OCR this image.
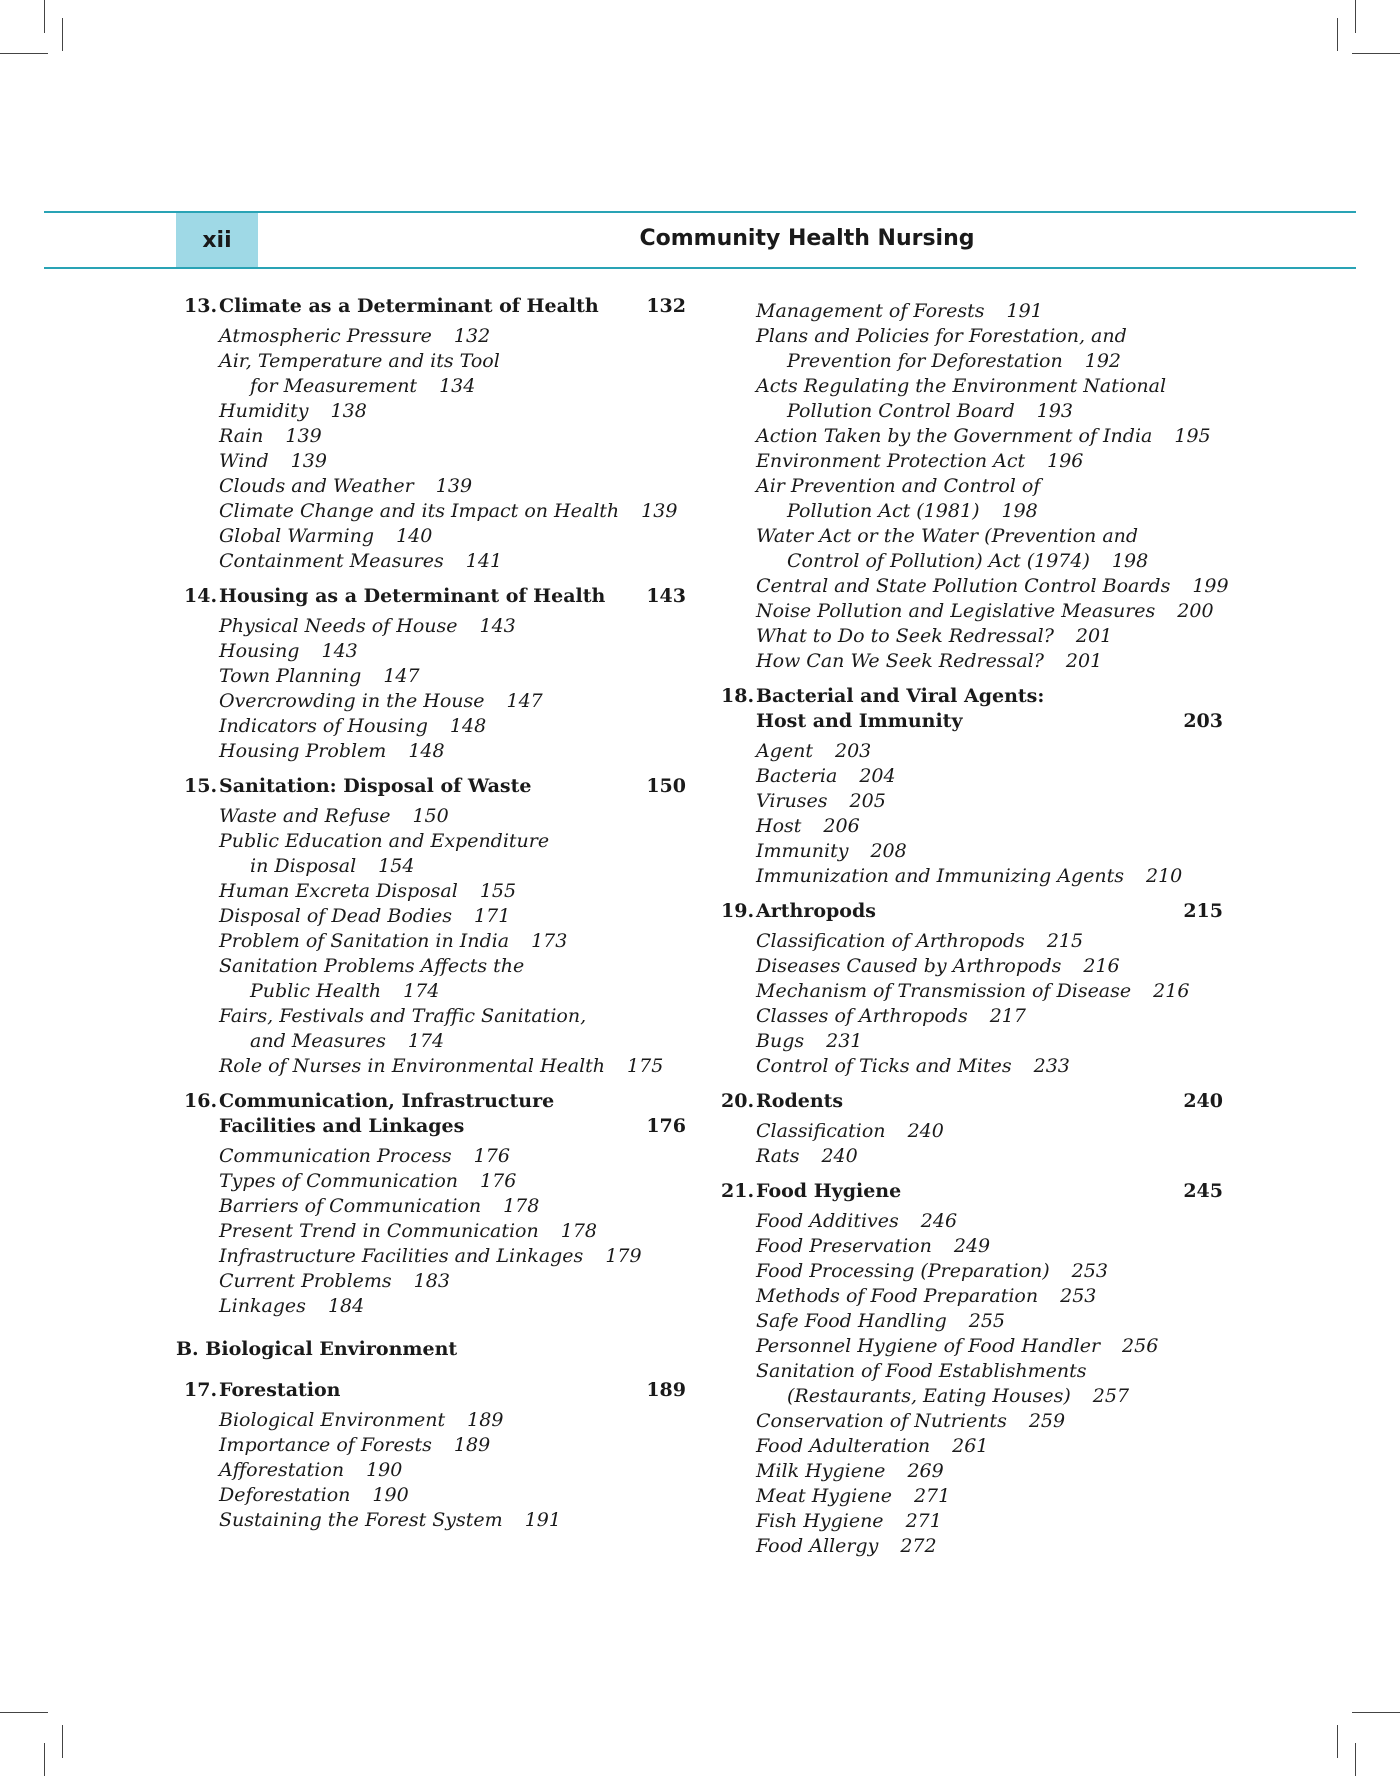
xii	Community Health Nursing
13. Climate as a Determinant of Health	132
Atmospheric Pressure 132
Air, Temperature and its Tool
for Measurement 134
Humidity 138
Rain 139
Wind 139
Clouds and Weather 139
Climate Change and its Impact on Health 139
Global Warming 140
Containment Measures 141
14. Housing as a Determinant of Health	143
Physical Needs of House 143
Housing 143
Town Planning 147
Overcrowding in the House 147
Indicators of Housing 148
Housing Problem 148
15. Sanitation: Disposal of Waste	150
Waste and Refuse 150
Public Education and Expenditure
in Disposal 154
Human Excreta Disposal 155
Disposal of Dead Bodies 171
Problem of Sanitation in India 173
Sanitation Problems Affects the
Public Health 174
Fairs, Festivals and Traffic Sanitation,
and Measures 174
Role of Nurses in Environmental Health 175
16. Communication, Infrastructure
Facilities and Linkages	176
Communication Process 176
Types of Communication 176
Barriers of Communication 178
Present Trend in Communication 178
Infrastructure Facilities and Linkages 179
Current Problems 183
Linkages 184
B. Biological Environment
17. Forestation	189
Biological Environment 189
Importance of Forests 189
Afforestation 190
Deforestation 190
Sustaining the Forest System 191
Management of Forests 191
Plans and Policies for Forestation, and
Prevention for Deforestation 192
Acts Regulating the Environment National
Pollution Control Board 193
Action Taken by the Government of India 195
Environment Protection Act 196
Air Prevention and Control of
Pollution Act (1981) 198
Water Act or the Water (Prevention and
Control of Pollution) Act (1974) 198
Central and State Pollution Control Boards 199
Noise Pollution and Legislative Measures 200
What to Do to Seek Redressal? 201
How Can We Seek Redressal? 201
18. Bacterial and Viral Agents:
Host and Immunity	203
Agent 203
Bacteria 204
Viruses 205
Host 206
Immunity 208
Immunization and Immunizing Agents 210
19. Arthropods	215
Classification of Arthropods 215
Diseases Caused by Arthropods 216
Mechanism of Transmission of Disease 216
Classes of Arthropods 217
Bugs 231
Control of Ticks and Mites 233
20. Rodents	240
Classification 240
Rats 240
21. Food Hygiene	245
Food Additives 246
Food Preservation 249
Food Processing (Preparation) 253
Methods of Food Preparation 253
Safe Food Handling 255
Personnel Hygiene of Food Handler 256
Sanitation of Food Establishments
(Restaurants, Eating Houses) 257
Conservation of Nutrients 259
Food Adulteration 261
Milk Hygiene 269
Meat Hygiene 271
Fish Hygiene 271
Food Allergy 272
